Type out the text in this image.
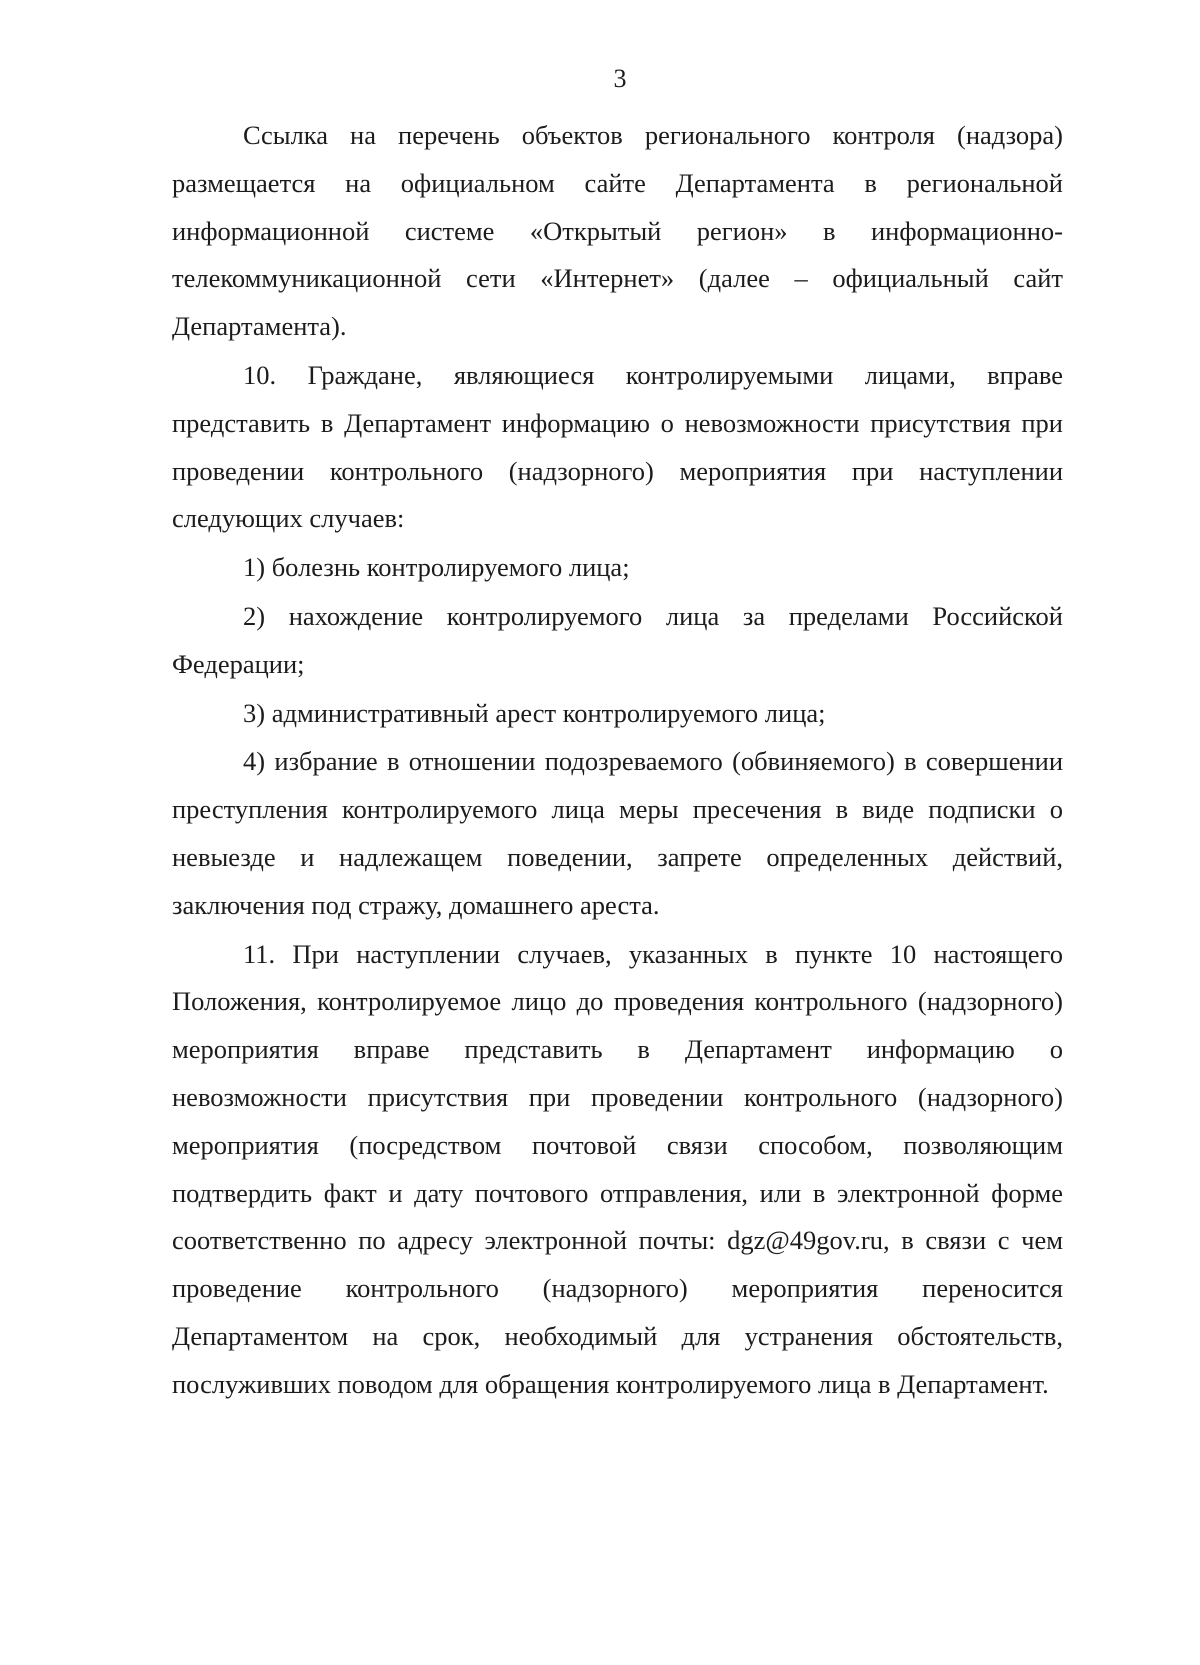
3

Ссылка на перечень объектов регионального контроля (надзора) размещается на официальном сайте Департамента в региональной информационной системе «Открытый регион» в информационно-телекоммуникационной сети «Интернет» (далее – официальный сайт Департамента).

10. Граждане, являющиеся контролируемыми лицами, вправе представить в Департамент информацию о невозможности присутствия при проведении контрольного (надзорного) мероприятия при наступлении следующих случаев:

1) болезнь контролируемого лица;

2) нахождение контролируемого лица за пределами Российской Федерации;

3) административный арест контролируемого лица;

4) избрание в отношении подозреваемого (обвиняемого) в совершении преступления контролируемого лица меры пресечения в виде подписки о невыезде и надлежащем поведении, запрете определенных действий, заключения под стражу, домашнего ареста.

11. При наступлении случаев, указанных в пункте 10 настоящего Положения, контролируемое лицо до проведения контрольного (надзорного) мероприятия вправе представить в Департамент информацию о невозможности присутствия при проведении контрольного (надзорного) мероприятия (посредством почтовой связи способом, позволяющим подтвердить факт и дату почтового отправления, или в электронной форме соответственно по адресу электронной почты: dgz@49gov.ru, в связи с чем проведение контрольного (надзорного) мероприятия переносится Департаментом на срок, необходимый для устранения обстоятельств, послуживших поводом для обращения контролируемого лица в Департамент.
